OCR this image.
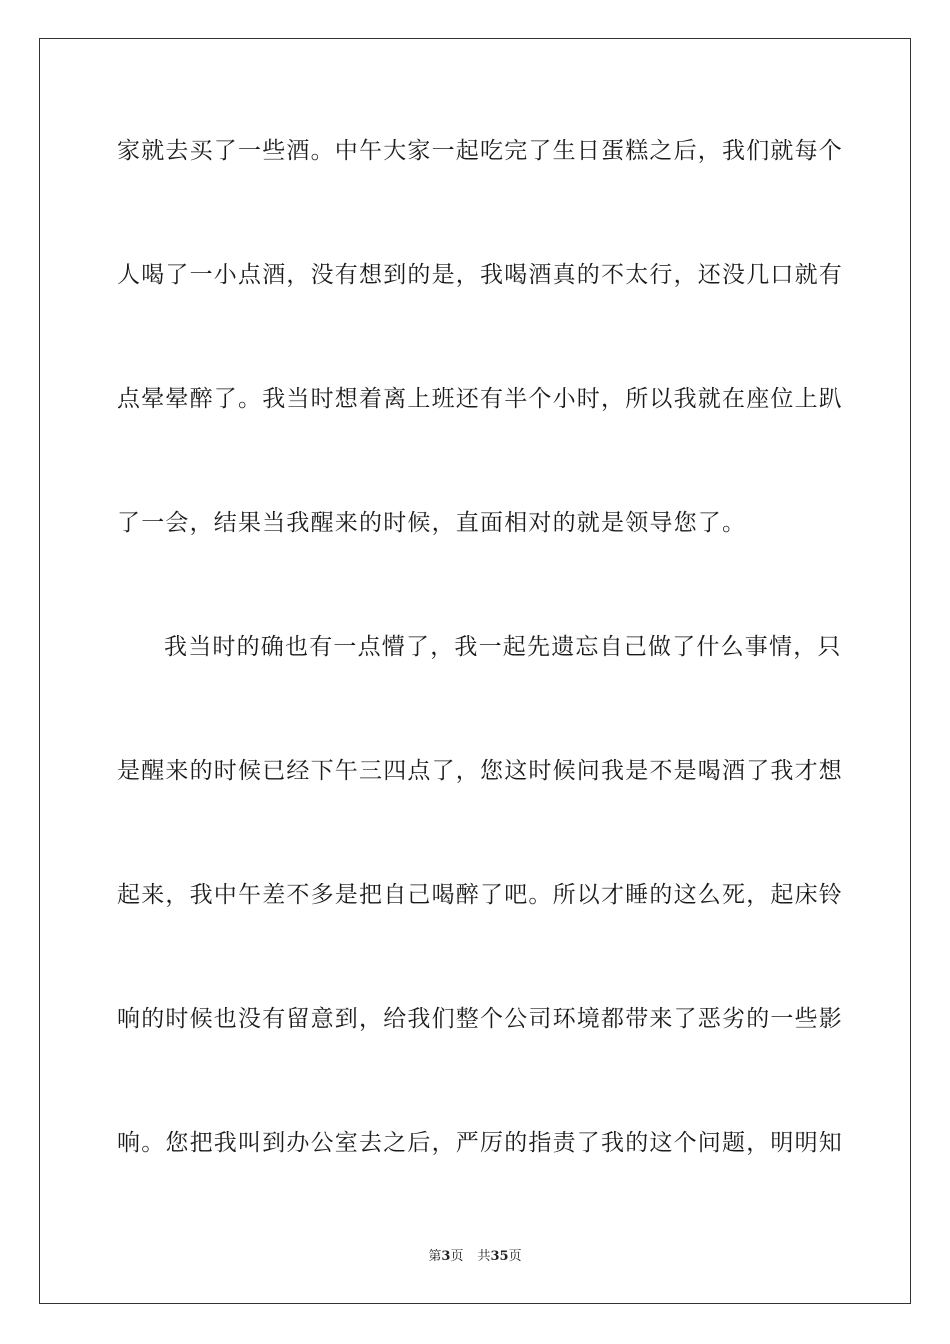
家就去买了一些酒。中午大家一起吃完了生日蛋糕之后，我们就每个
人喝了一小点酒，没有想到的是，我喝酒真的不太行，还没几口就有
点晕晕醉了。我当时想着离上班还有半个小时，所以我就在座位上趴
了一会，结果当我醒来的时候，直面相对的就是领导您了。
我当时的确也有一点懵了，我一起先遗忘自己做了什么事情，只
是醒来的时候已经下午三四点了，您这时候问我是不是喝酒了我才想
起来，我中午差不多是把自己喝醉了吧。所以才睡的这么死，起床铃
响的时候也没有留意到，给我们整个公司环境都带来了恶劣的一些影
响。您把我叫到办公室去之后，严厉的指责了我的这个问题，明明知
第3页 共35页
